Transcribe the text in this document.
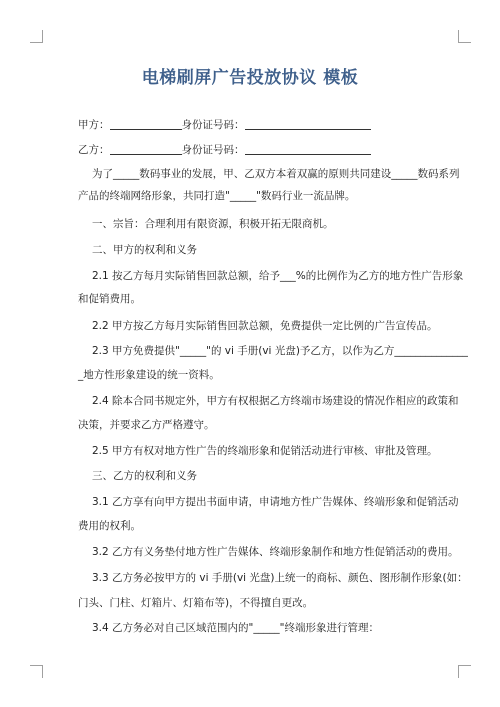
电梯刷屏广告投放协议 模板
甲方：	身份证号码：
乙方：	身份证号码：
为了_____数码事业的发展，甲、乙双方本着双赢的原则共同建设_____数码系列
产品的终端网络形象，共同打造"_____"数码行业一流品牌。
一、宗旨：合理利用有限资源，积极开拓无限商机。
二、甲方的权利和义务
2.1 按乙方每月实际销售回款总额，给予___%的比例作为乙方的地方性广告形象
和促销费用。
2.2 甲方按乙方每月实际销售回款总额，免费提供一定比例的广告宣传品。
2.3 甲方免费提供"_____"的 vi 手册(vi 光盘)予乙方，以作为乙方______________
_地方性形象建设的统一资料。
2.4 除本合同书规定外，甲方有权根据乙方终端市场建设的情况作相应的政策和
决策，并要求乙方严格遵守。
2.5 甲方有权对地方性广告的终端形象和促销活动进行审核、审批及管理。
三、乙方的权利和义务
3.1 乙方享有向甲方提出书面申请，申请地方性广告媒体、终端形象和促销活动
费用的权利。
3.2 乙方有义务垫付地方性广告媒体、终端形象制作和地方性促销活动的费用。
3.3 乙方务必按甲方的 vi 手册(vi 光盘)上统一的商标、颜色、图形制作形象(如：
门头、门柱、灯箱片、灯箱布等)，不得擅自更改。
3.4 乙方务必对自己区域范围内的"_____"终端形象进行管理：
